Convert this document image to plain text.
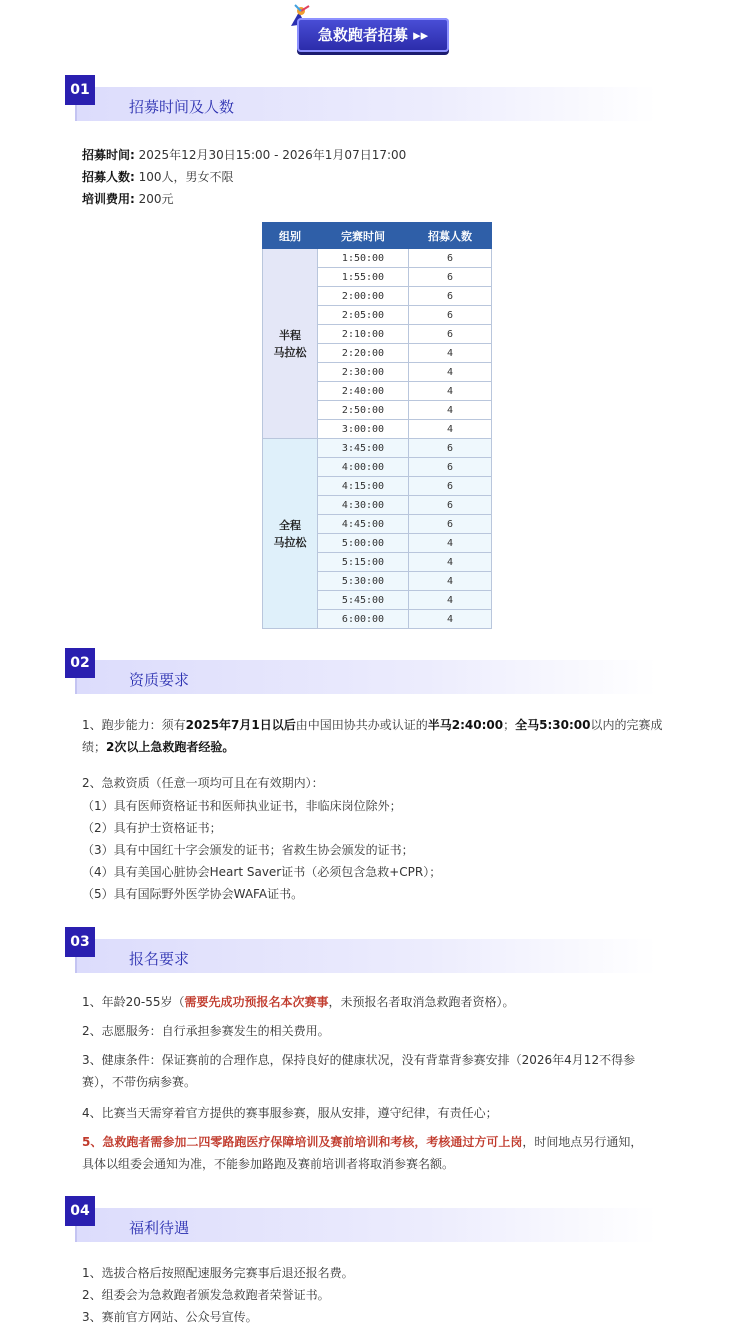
急救跑者招募 ▸▸
01
招募时间及人数
招募时间: 2025年12月30日15:00 - 2026年1月07日17:00
招募人数: 100人，男女不限
培训费用: 200元
组别	完赛时间	招募人数

半程
马拉松	1:50:00	6
	1:55:00	6
	2:00:00	6
	2:05:00	6
	2:10:00	6
	2:20:00	4
	2:30:00	4
	2:40:00	4
	2:50:00	4
	3:00:00	4

全程
马拉松	3:45:00	6
	4:00:00	6
	4:15:00	6
	4:30:00	6
	4:45:00	6
	5:00:00	4
	5:15:00	4
	5:30:00	4
	5:45:00	4
	6:00:00	4
02
资质要求
1、跑步能力：须有2025年7月1日以后由中国田协共办或认证的半马2:40:00；全马5:30:00以内的完赛成绩；2次以上急救跑者经验。
2、急救资质（任意一项均可且在有效期内）：
（1）具有医师资格证书和医师执业证书，非临床岗位除外；
（2）具有护士资格证书；
（3）具有中国红十字会颁发的证书；省救生协会颁发的证书；
（4）具有美国心脏协会Heart Saver证书（必须包含急救+CPR）；
（5）具有国际野外医学协会WAFA证书。
03
报名要求
1、年龄20-55岁（需要先成功预报名本次赛事，未预报名者取消急救跑者资格）。
2、志愿服务：自行承担参赛发生的相关费用。
3、健康条件：保证赛前的合理作息，保持良好的健康状况，没有背靠背参赛安排（2026年4月12不得参
赛），不带伤病参赛。
4、比赛当天需穿着官方提供的赛事服参赛，服从安排，遵守纪律，有责任心；
5、急救跑者需参加二四零路跑医疗保障培训及赛前培训和考核，考核通过方可上岗，时间地点另行通知，
具体以组委会通知为准，不能参加路跑及赛前培训者将取消参赛名额。
04
福利待遇
1、选拔合格后按照配速服务完赛事后退还报名费。
2、组委会为急救跑者颁发急救跑者荣誉证书。
3、赛前官方网站、公众号宣传。
